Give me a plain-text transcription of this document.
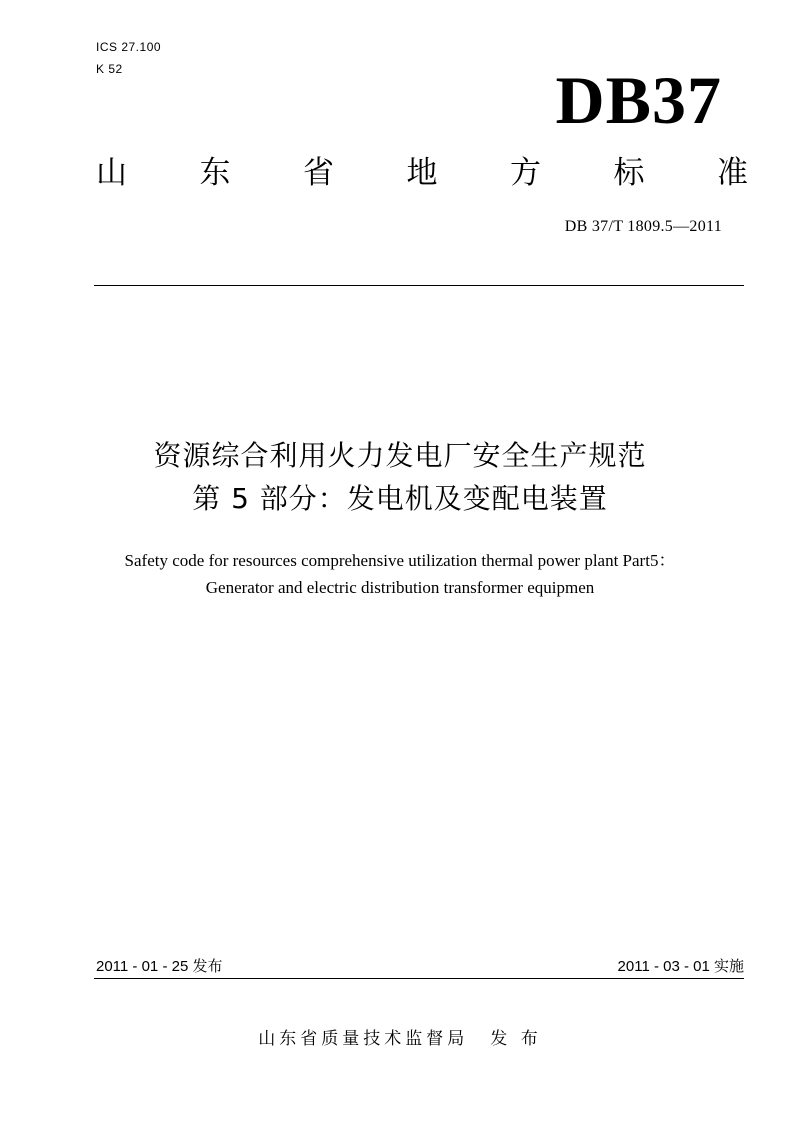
ICS 27.100
K 52	DB37
山 东 省 地 方 标 准
DB 37/T 1809.5—2011
资源综合利用火力发电厂安全生产规范
第 5 部分：发电机及变配电装置
Safety code for resources comprehensive utilization thermal power plant Part5：
Generator and electric distribution transformer equipmen
2011 - 01 - 25 发布	2011 - 03 - 01 实施
山东省质量技术监督局 发 布
